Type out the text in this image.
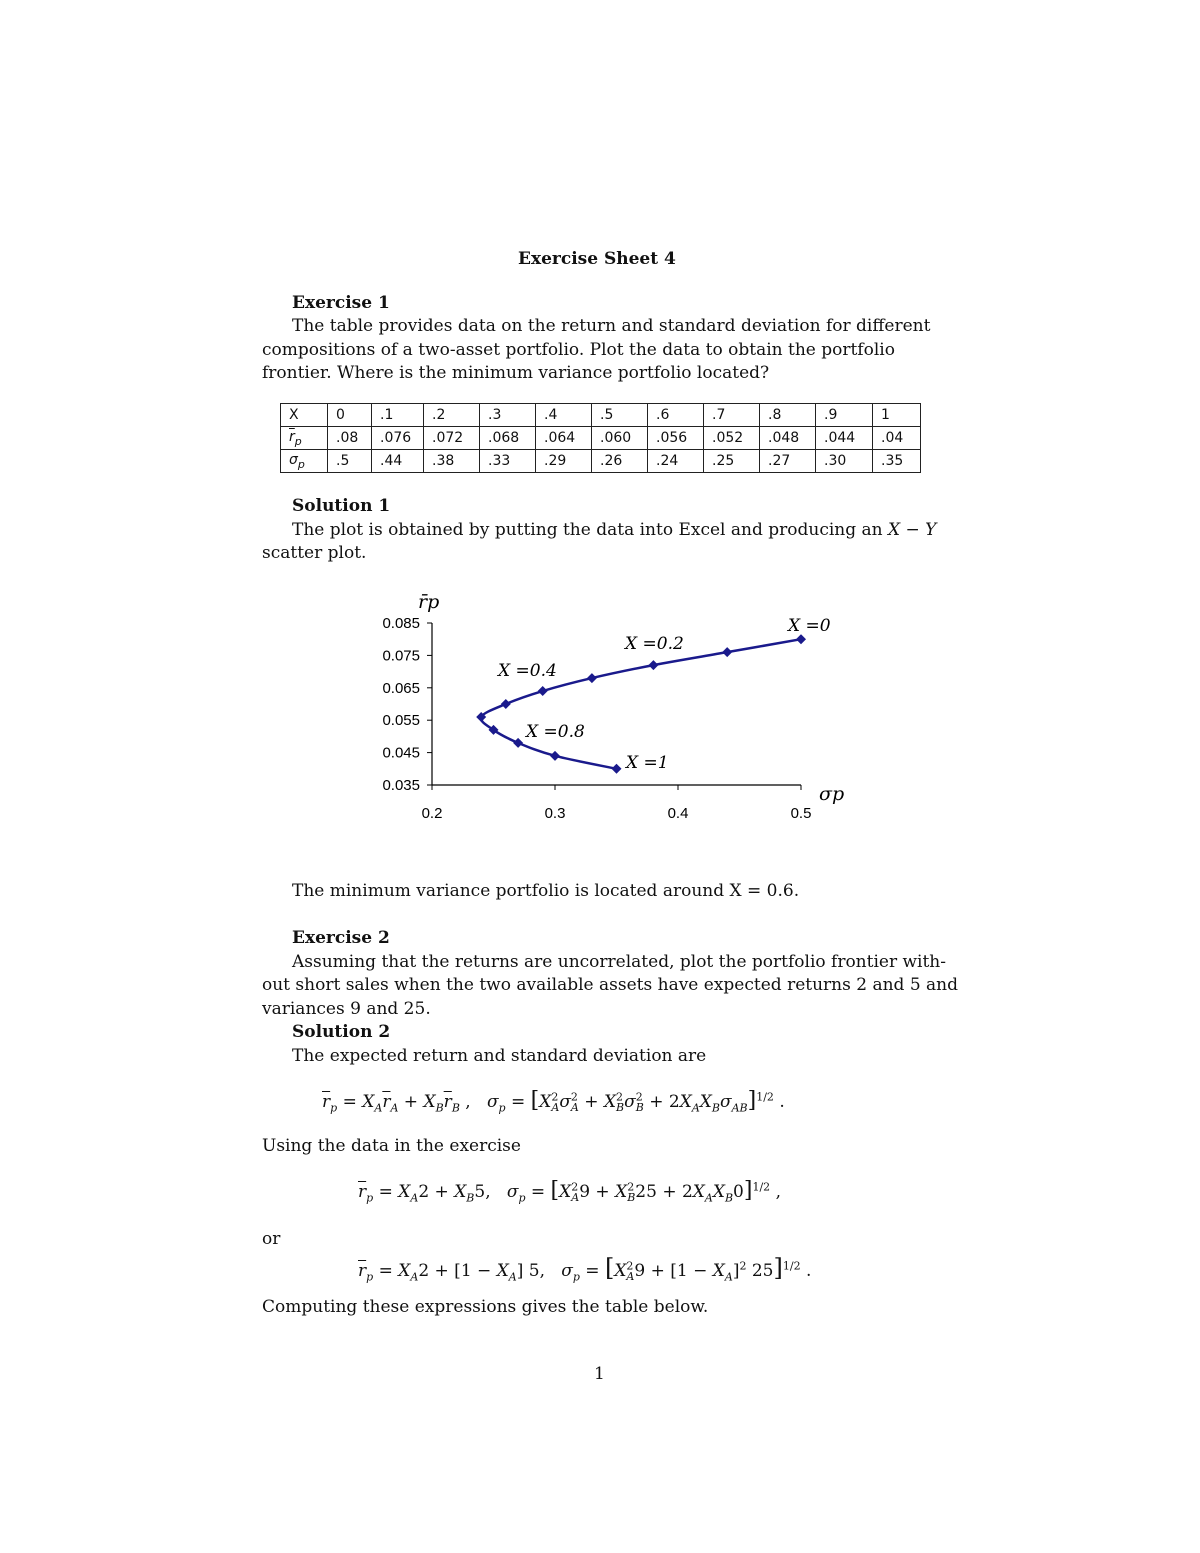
Exercise Sheet 4
Exercise 1
The table provides data on the return and standard deviation for different
compositions of a two-asset portfolio. Plot the data to obtain the portfolio
frontier. Where is the minimum variance portfolio located?
X	0	.1	.2	.3	.4	.5	.6	.7	.8	.9	1
$\overline{r}_p$	.08	.076	.072	.068	.064	.060	.056	.052	.048	.044	.04
$\sigma_p$	.5	.44	.38	.33	.29	.26	.24	.25	.27	.30	.35
Solution 1
The plot is obtained by putting the data into Excel and producing an X − Y
scatter plot.
0.035
0.045
0.055
0.065
0.075
0.085
0.2	0.3	0.4	0.5
r̄p
σp
X =0
X =0.2
X =0.4
X =0.8
X =1
The minimum variance portfolio is located around X = 0.6.
Exercise 2
Assuming that the returns are uncorrelated, plot the portfolio frontier with-
out short sales when the two available assets have expected returns 2 and 5 and
variances 9 and 25.
Solution 2
The expected return and standard deviation are
$\overline{r}_p = X_A\overline{r}_A + X_B\overline{r}_B$ ,   $\sigma_p = [X^2_A\sigma^2_A + X^2_B\sigma^2_B + 2X_AX_B\sigma_{AB}]^{1/2}$ .
Using the data in the exercise
$\overline{r}_p = X_A2 + X_B5$,   $\sigma_p = [X^2_A9 + X^2_B25 + 2X_AX_B0]^{1/2}$ ,
or
$\overline{r}_p = X_A2 + [1 - X_A]$ 5,   $\sigma_p = [X^2_A9 + [1 - X_A]^2$ 25]$^{1/2}$ .
Computing these expressions gives the table below.
1
